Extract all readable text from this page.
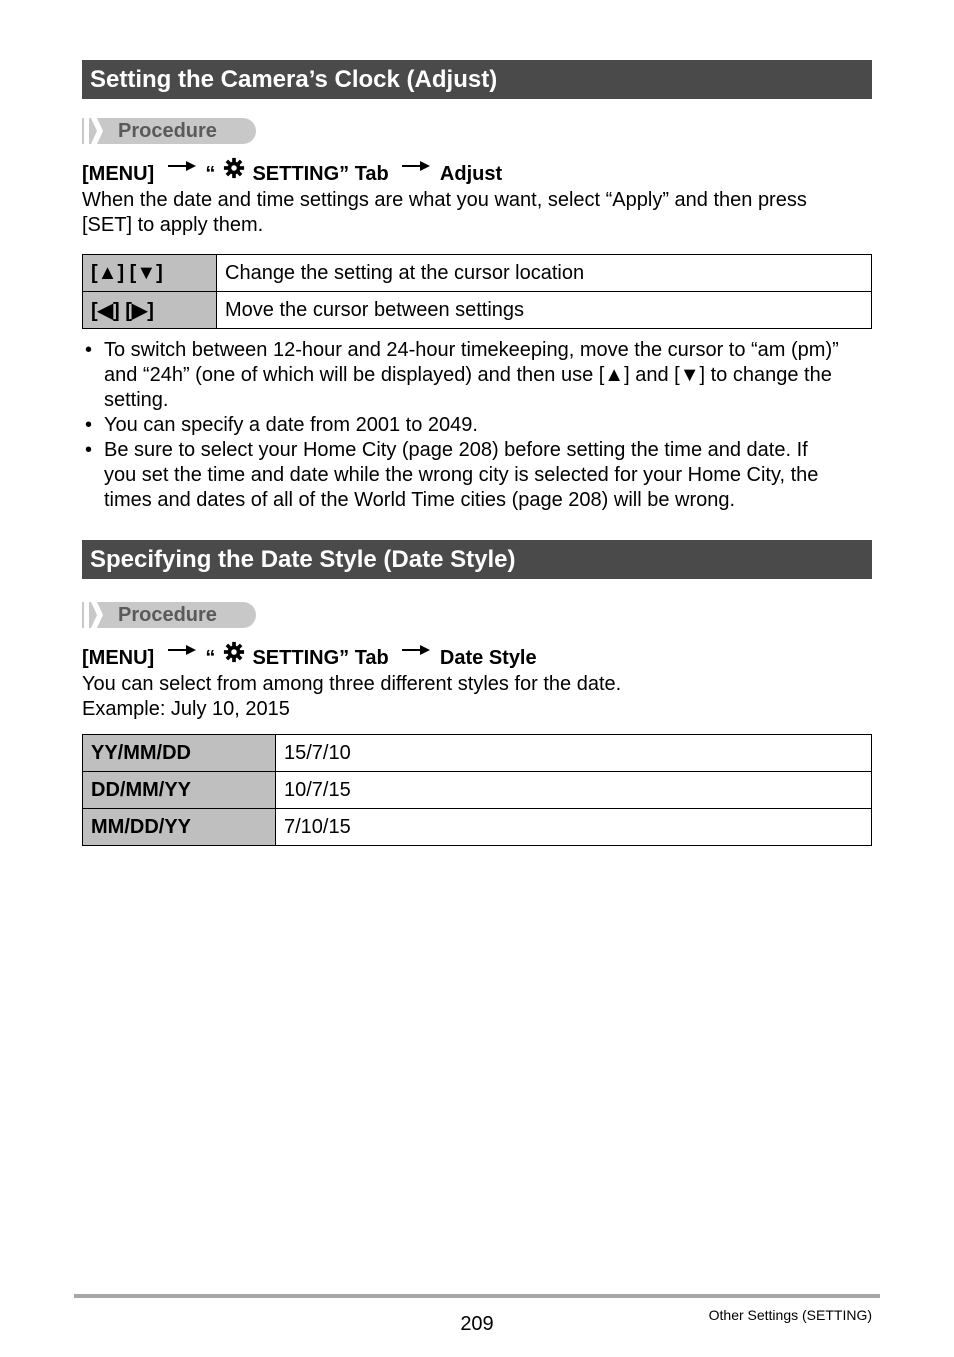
Setting the Camera’s Clock (Adjust)
Procedure
[MENU]	“ SETTING” Tab	Adjust
When the date and time settings are what you want, select “Apply” and then press
[SET] to apply them.
[▲] [▼]	Change the setting at the cursor location
[◀] [▶]	Move the cursor between settings
• To switch between 12-hour and 24-hour timekeeping, move the cursor to “am (pm)”
and “24h” (one of which will be displayed) and then use [▲] and [▼] to change the
setting.
• You can specify a date from 2001 to 2049.
• Be sure to select your Home City (page 208) before setting the time and date. If
you set the time and date while the wrong city is selected for your Home City, the
times and dates of all of the World Time cities (page 208) will be wrong.
Specifying the Date Style (Date Style)
Procedure
[MENU]	“ SETTING” Tab	Date Style
You can select from among three different styles for the date.
Example: July 10, 2015
YY/MM/DD	15/7/10
DD/MM/YY	10/7/15
MM/DD/YY	7/10/15
209	Other Settings (SETTING)
